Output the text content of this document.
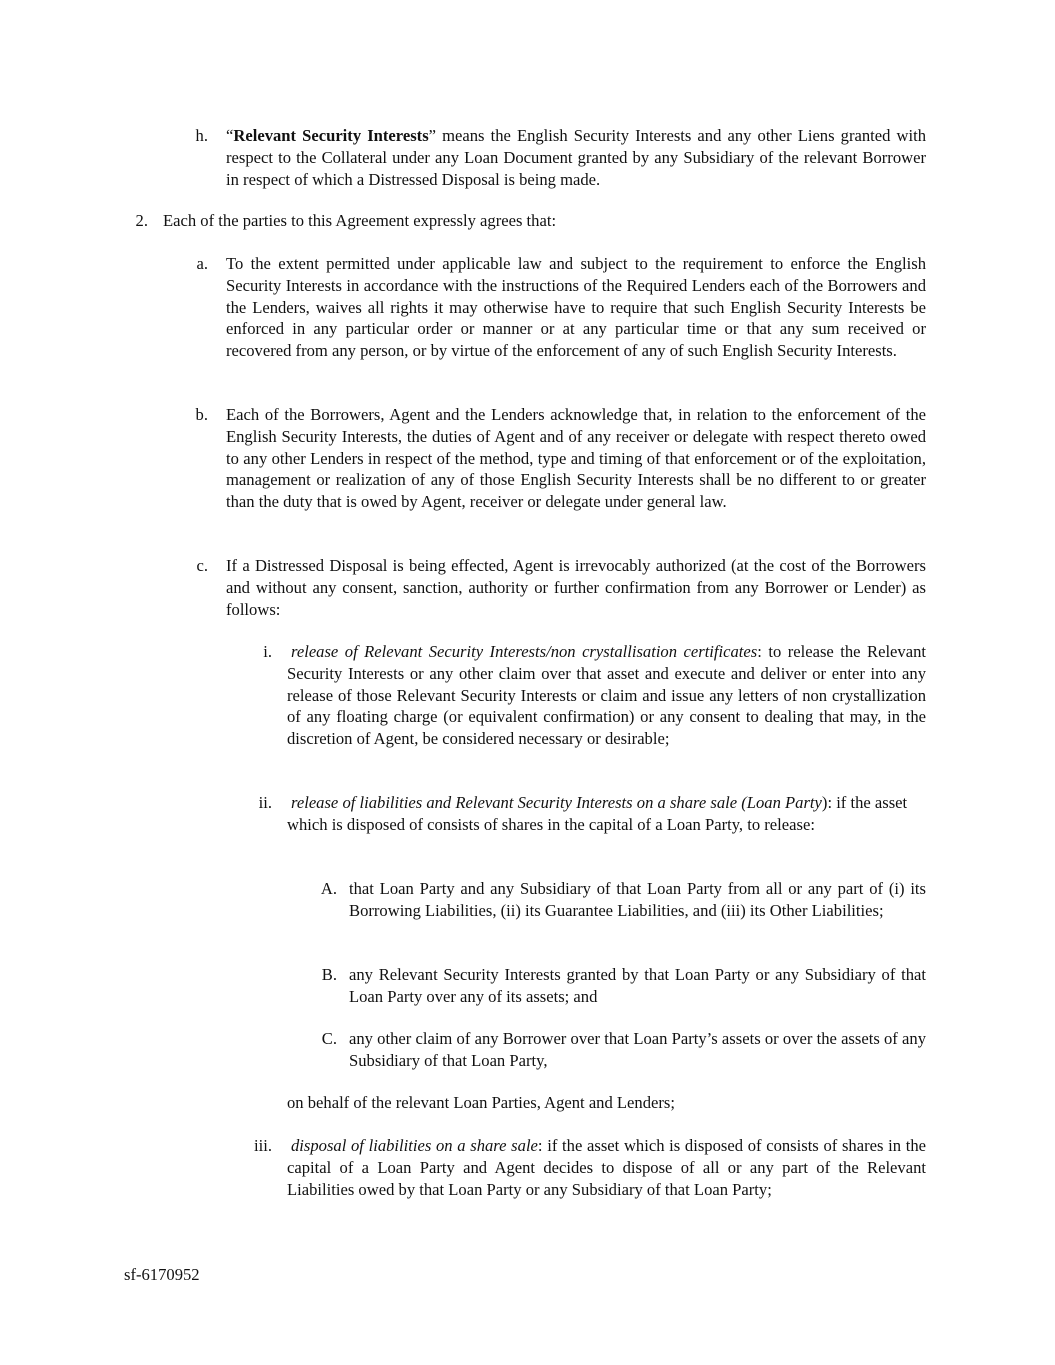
h. “Relevant Security Interests” means the English Security Interests and any other Liens granted with respect to the Collateral under any Loan Document granted by any Subsidiary of the relevant Borrower in respect of which a Distressed Disposal is being made.
2. Each of the parties to this Agreement expressly agrees that:
a. To the extent permitted under applicable law and subject to the requirement to enforce the English Security Interests in accordance with the instructions of the Required Lenders each of the Borrowers and the Lenders, waives all rights it may otherwise have to require that such English Security Interests be enforced in any particular order or manner or at any particular time or that any sum received or recovered from any person, or by virtue of the enforcement of any of such English Security Interests.
b. Each of the Borrowers, Agent and the Lenders acknowledge that, in relation to the enforcement of the English Security Interests, the duties of Agent and of any receiver or delegate with respect thereto owed to any other Lenders in respect of the method, type and timing of that enforcement or of the exploitation, management or realization of any of those English Security Interests shall be no different to or greater than the duty that is owed by Agent, receiver or delegate under general law.
c. If a Distressed Disposal is being effected, Agent is irrevocably authorized (at the cost of the Borrowers and without any consent, sanction, authority or further confirmation from any Borrower or Lender) as follows:
i. release of Relevant Security Interests/non crystallisation certificates: to release the Relevant Security Interests or any other claim over that asset and execute and deliver or enter into any release of those Relevant Security Interests or claim and issue any letters of non crystallization of any floating charge (or equivalent confirmation) or any consent to dealing that may, in the discretion of Agent, be considered necessary or desirable;
ii. release of liabilities and Relevant Security Interests on a share sale (Loan Party): if the asset which is disposed of consists of shares in the capital of a Loan Party, to release:
A. that Loan Party and any Subsidiary of that Loan Party from all or any part of (i) its Borrowing Liabilities, (ii) its Guarantee Liabilities, and (iii) its Other Liabilities;
B. any Relevant Security Interests granted by that Loan Party or any Subsidiary of that Loan Party over any of its assets; and
C. any other claim of any Borrower over that Loan Party’s assets or over the assets of any Subsidiary of that Loan Party,
on behalf of the relevant Loan Parties, Agent and Lenders;
iii. disposal of liabilities on a share sale: if the asset which is disposed of consists of shares in the capital of a Loan Party and Agent decides to dispose of all or any part of the Relevant Liabilities owed by that Loan Party or any Subsidiary of that Loan Party;
sf-6170952
